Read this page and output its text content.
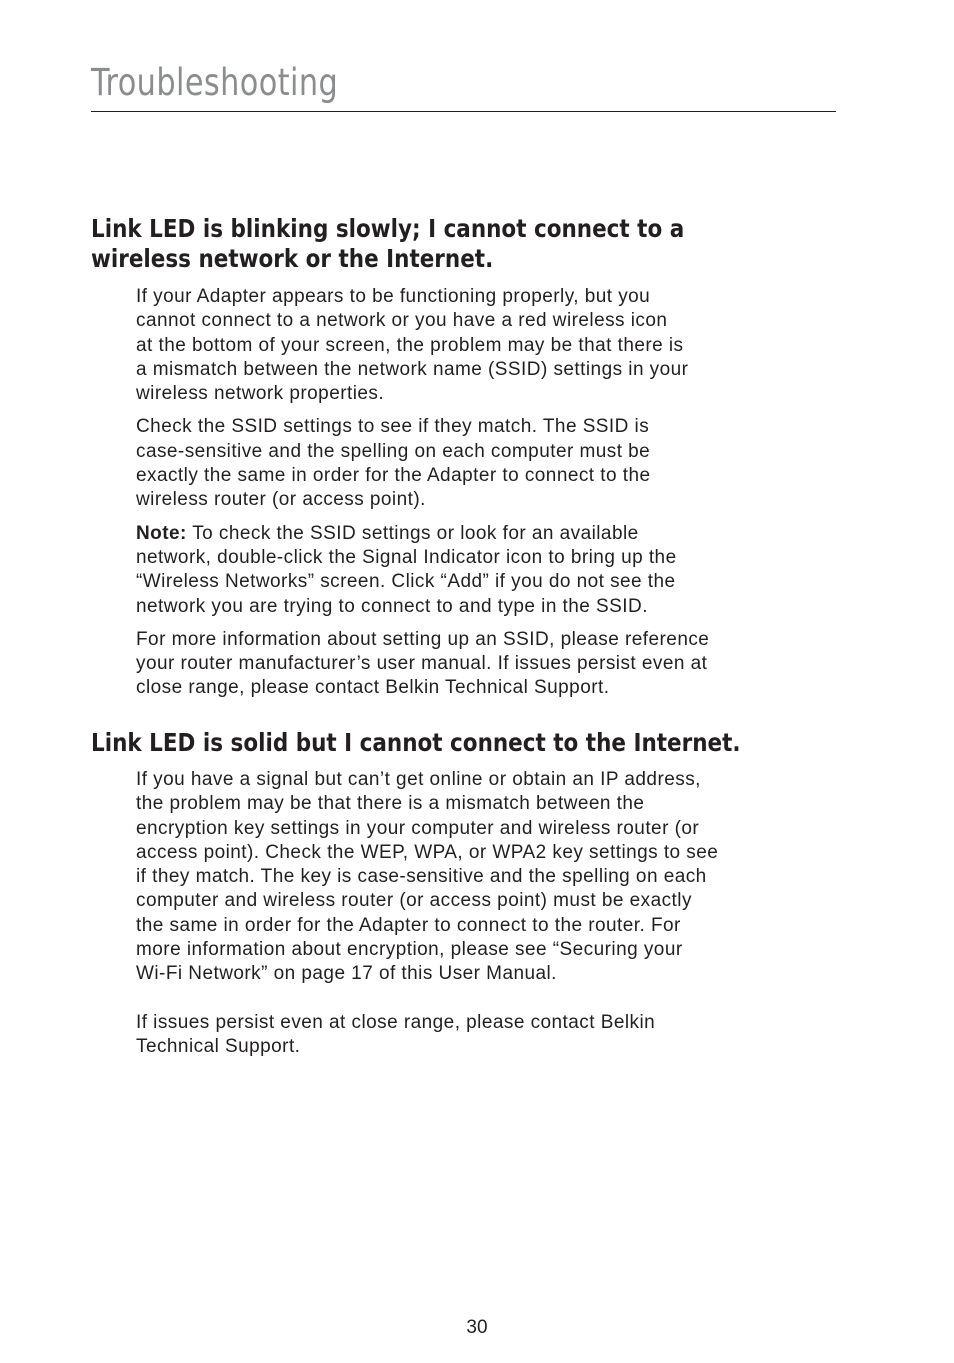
Troubleshooting
Link LED is blinking slowly; I cannot connect to a
wireless network or the Internet.

If your Adapter appears to be functioning properly, but you
cannot connect to a network or you have a red wireless icon
at the bottom of your screen, the problem may be that there is
a mismatch between the network name (SSID) settings in your
wireless network properties.

Check the SSID settings to see if they match. The SSID is
case-sensitive and the spelling on each computer must be
exactly the same in order for the Adapter to connect to the
wireless router (or access point).

Note: To check the SSID settings or look for an available
network, double-click the Signal Indicator icon to bring up the
“Wireless Networks” screen. Click “Add” if you do not see the
network you are trying to connect to and type in the SSID.

For more information about setting up an SSID, please reference
your router manufacturer’s user manual. If issues persist even at
close range, please contact Belkin Technical Support.

Link LED is solid but I cannot connect to the Internet.

If you have a signal but can’t get online or obtain an IP address,
the problem may be that there is a mismatch between the
encryption key settings in your computer and wireless router (or
access point). Check the WEP, WPA, or WPA2 key settings to see
if they match. The key is case-sensitive and the spelling on each
computer and wireless router (or access point) must be exactly
the same in order for the Adapter to connect to the router. For
more information about encryption, please see “Securing your
Wi-Fi Network” on page 17 of this User Manual.

If issues persist even at close range, please contact Belkin
Technical Support.

30
